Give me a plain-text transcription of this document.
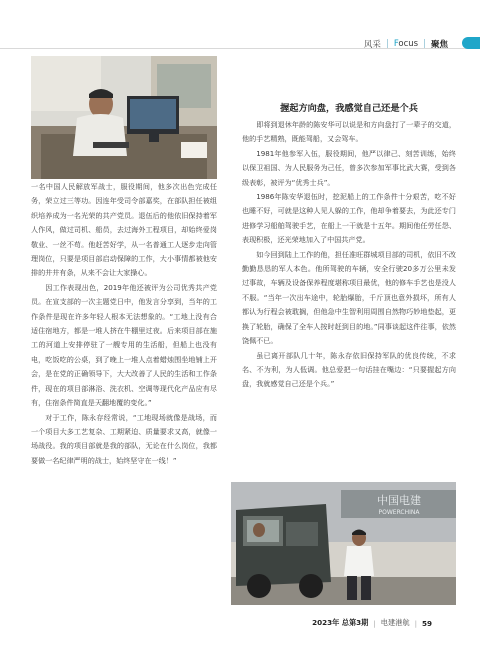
风采 | Focus | 聚焦

一名中国人民解放军战士，服役期间，他多次出色完成任务，荣立过三等功。因连年受司令部嘉奖，在部队担任被组织培养成为一名光荣的共产党员。退伍后的他依旧保持着军人作风，做过司机、船员，去过海外工程项目，却始终爱岗敬业、一丝不苟。他赶苦好学，从一名普通工人逐步走向管理岗位，只要是项目部启动保障的工作，大小事情都被他安排的井井有条，从来不会让大家操心。

因工作表现出色，2019年他还被评为公司优秀共产党员。在宣支部的一次主题党日中，他发言分享到，当年的工作条件是现在许多年轻人根本无法想象的。“工地上没有合适住宿地方，都是一堆人挤在牛棚里过夜。后来项目部在施工的河道上安排停驻了一艘专用的生活船，但船上也没有电，吃饭吃的公桌，到了晚上一堆人点着蜡烛围坐地铺上开会，是在党的正确领导下，大大改善了人民的生活和工作条件，现在的项目部淋浴、洗衣机、空调等现代化产品应有尽有，住宿条件简直是天翻地覆的变化。”

对于工作，陈永存经常说，“工地现场就像是战场，而一个项目大多工艺复杂、工期紧迫、质量要求又高，就像一场战役。我的项目部就是我的部队，无论在什么岗位，我都要做一名纪律严明的战士，始终坚守在一线！”

握起方向盘，我感觉自己还是个兵

即将到退休年龄的陈安华可以说是和方向盘打了一辈子的交道，他的手艺精熟，既能驾船，又会驾车。

1981年他参军入伍，服役期间，他严以律己、刻苦训练，始终以保卫祖国、为人民服务为己任，曾多次参加军事比武大赛，受到各级表彰，被评为“优秀士兵”。

1986年陈安华退伍时，挖泥船上的工作条件十分艰苦，吃不好也睡不好，可就是这种人见人躲的工作，他却争着要去，为此还专门进修学习船舶驾驶手艺，在船上一干就是十五年。期间他任劳任怨、表现积极，还光荣地加入了中国共产党。

如今回到陆上工作的他，担任准旺群城项目部的司机，依旧不改勤勤恳恳的军人本色。他所驾驶的车辆，安全行驶20多万公里未发过事故，车辆及设备保养程度堪称项目最优，他的修车手艺也是没人不服。“当年一次出车途中，轮胎爆胎，千斤顶也意外损坏，所有人都认为行程会被耽搁，但他急中生智利用周围自然物巧妙地垫起，更换了轮胎，确保了全车人按时赶到目的地。”同事谈起这件往事，依然饶佩不已。

虽已离开部队几十年，陈永存依旧保持军队的优良传统，不求名、不为利，为人低调。他总爱把一句话挂在嘴边：“只要握起方向盘，我就感觉自己还是个兵。”

中国电建
POWERCHINA
2023年 总第3期 | 电建港航 | 59
